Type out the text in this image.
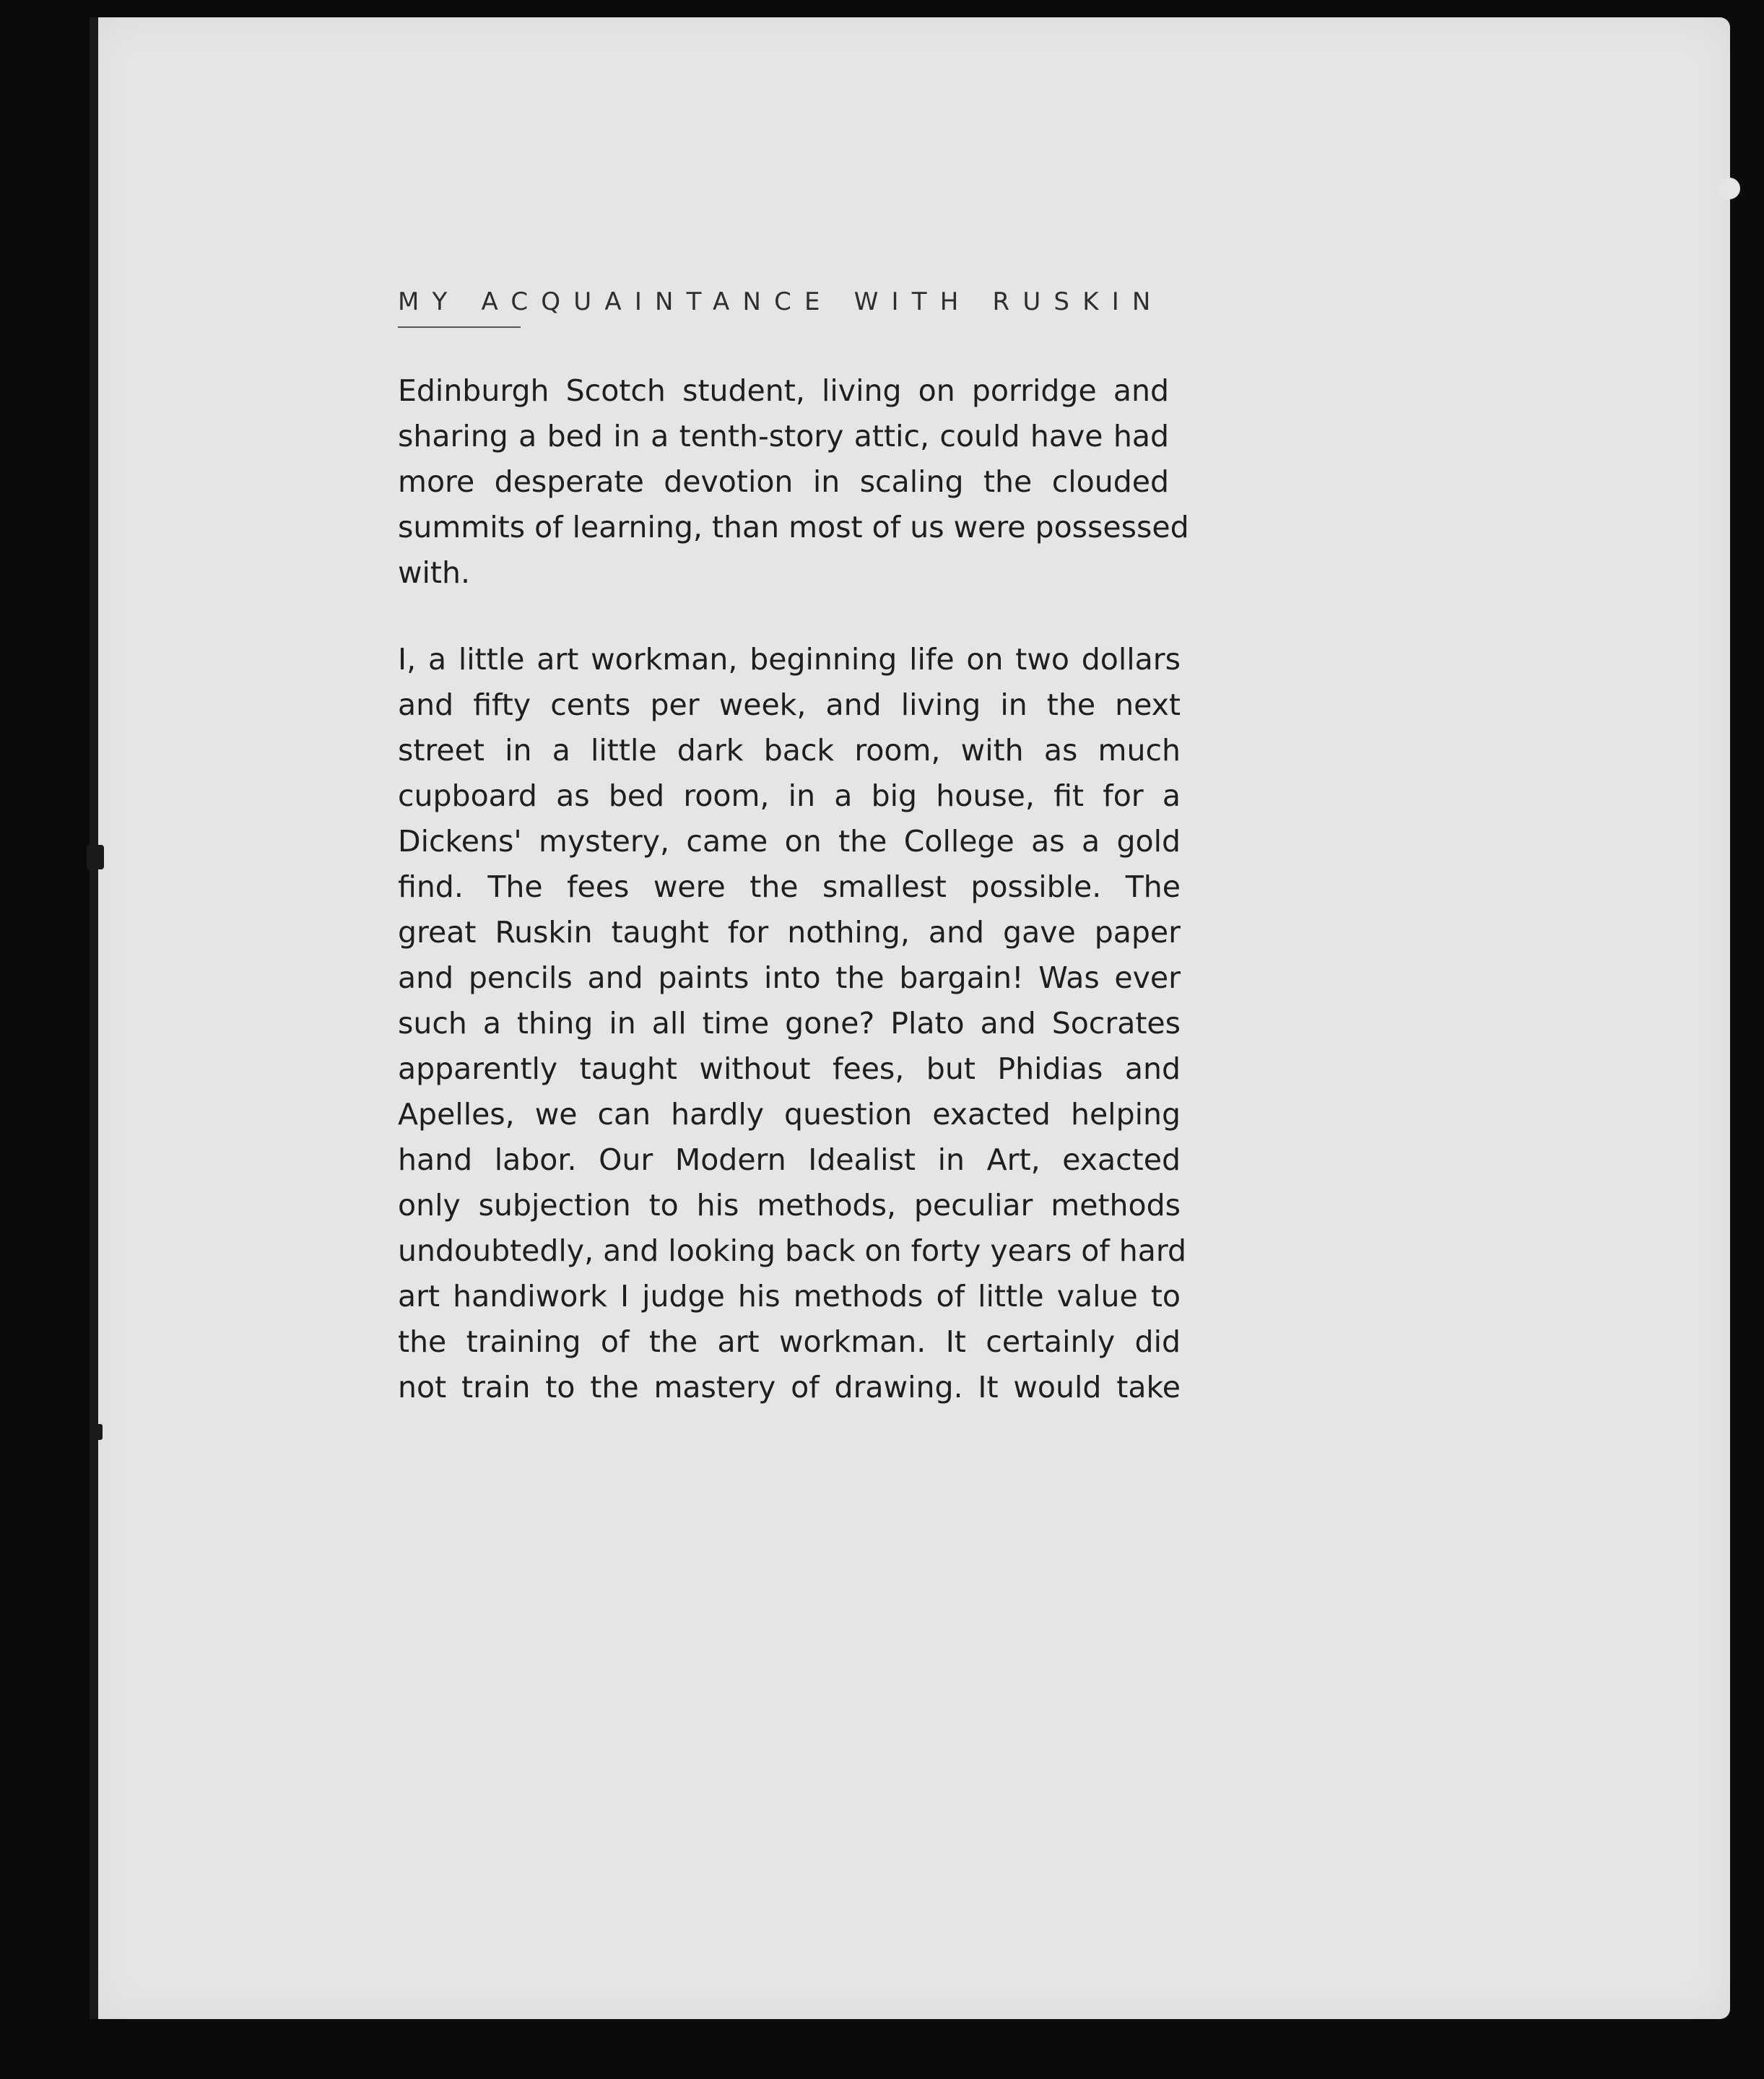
MY ACQUAINTANCE WITH RUSKIN

Edinburgh Scotch student, living on porridge and
sharing a bed in a tenth-story attic, could have had
more desperate devotion in scaling the clouded
summits of learning, than most of us were possessed
with.

I, a little art workman, beginning life on two dollars
and fifty cents per week, and living in the next
street in a little dark back room, with as much
cupboard as bed room, in a big house, fit for a
Dickens' mystery, came on the College as a gold
find. The fees were the smallest possible. The
great Ruskin taught for nothing, and gave paper
and pencils and paints into the bargain! Was ever
such a thing in all time gone? Plato and Socrates
apparently taught without fees, but Phidias and
Apelles, we can hardly question exacted helping
hand labor. Our Modern Idealist in Art, exacted
only subjection to his methods, peculiar methods
undoubtedly, and looking back on forty years of hard
art handiwork I judge his methods of little value to
the training of the art workman. It certainly did
not train to the mastery of drawing. It would take
